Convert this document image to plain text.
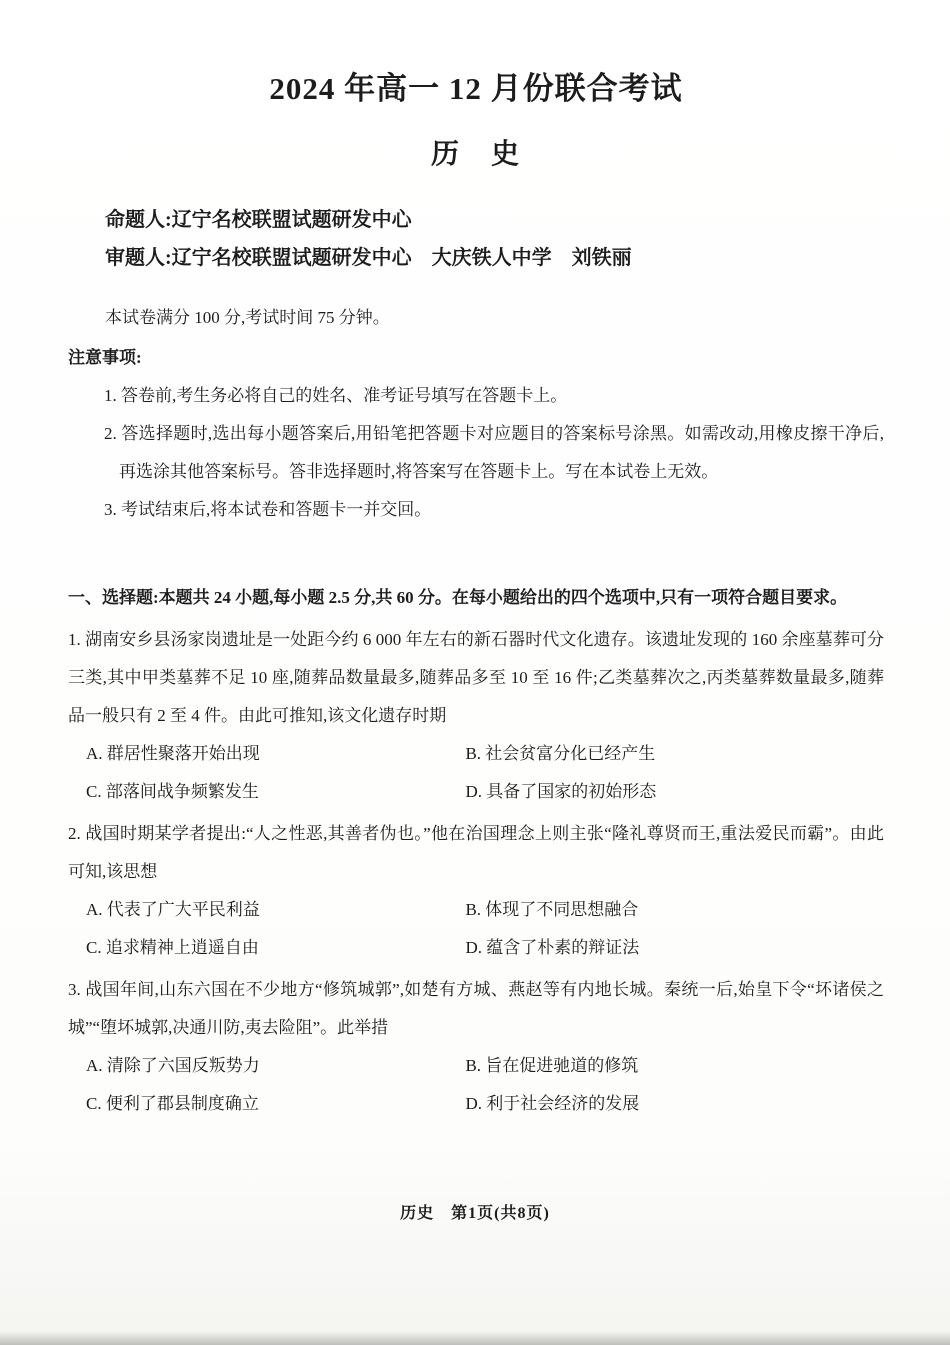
2024 年高一 12 月份联合考试
历　史
命题人:辽宁名校联盟试题研发中心
审题人:辽宁名校联盟试题研发中心　大庆铁人中学　刘铁丽

本试卷满分 100 分,考试时间 75 分钟。

注意事项:

1. 答卷前,考生务必将自己的姓名、准考证号填写在答题卡上。

2. 答选择题时,选出每小题答案后,用铅笔把答题卡对应题目的答案标号涂黑。如需改动,用橡皮擦干净后,再选涂其他答案标号。答非选择题时,将答案写在答题卡上。写在本试卷上无效。

3. 考试结束后,将本试卷和答题卡一并交回。

一、选择题:本题共 24 小题,每小题 2.5 分,共 60 分。在每小题给出的四个选项中,只有一项符合题目要求。

1. 湖南安乡县汤家岗遗址是一处距今约 6 000 年左右的新石器时代文化遗存。该遗址发现的 160 余座墓葬可分三类,其中甲类墓葬不足 10 座,随葬品数量最多,随葬品多至 10 至 16 件;乙类墓葬次之,丙类墓葬数量最多,随葬品一般只有 2 至 4 件。由此可推知,该文化遗存时期

A. 群居性聚落开始出现	B. 社会贫富分化已经产生
C. 部落间战争频繁发生	D. 具备了国家的初始形态

2. 战国时期某学者提出:“人之性恶,其善者伪也。”他在治国理念上则主张“隆礼尊贤而王,重法爱民而霸”。由此可知,该思想

A. 代表了广大平民利益	B. 体现了不同思想融合
C. 追求精神上逍遥自由	D. 蕴含了朴素的辩证法

3. 战国年间,山东六国在不少地方“修筑城郭”,如楚有方城、燕赵等有内地长城。秦统一后,始皇下令“坏诸侯之城”“堕坏城郭,决通川防,夷去险阻”。此举措

A. 清除了六国反叛势力	B. 旨在促进驰道的修筑
C. 便利了郡县制度确立	D. 利于社会经济的发展
历史　第1页(共8页)
